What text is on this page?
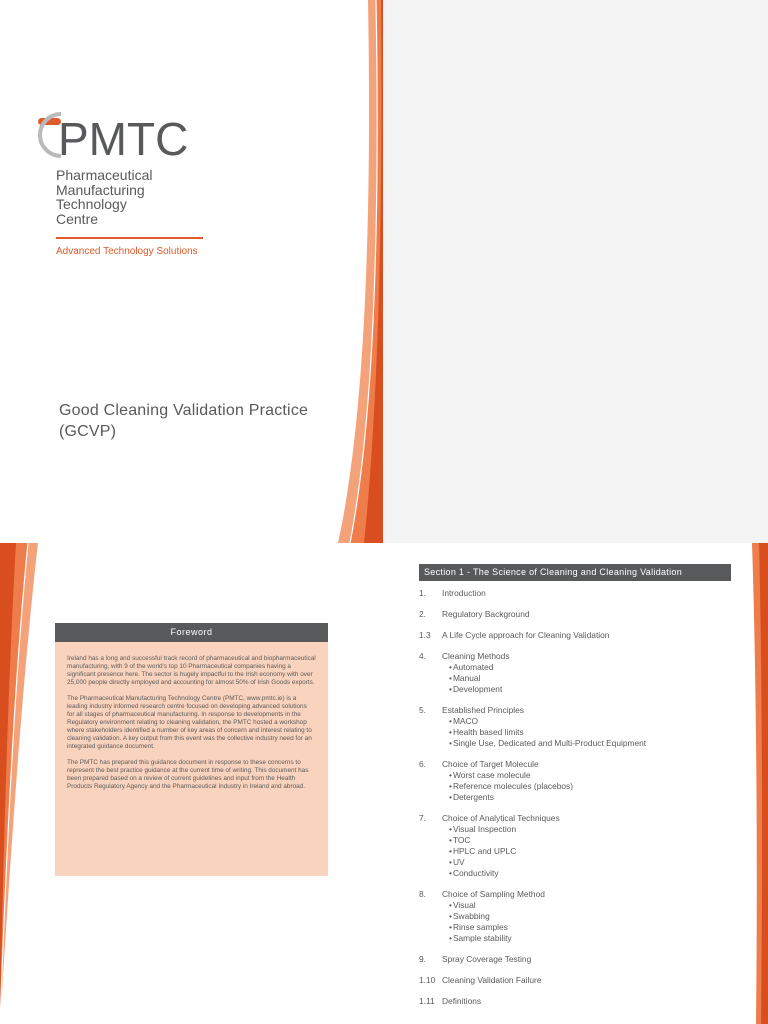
PMTC
Pharmaceutical
Manufacturing
Technology
Centre
Advanced Technology Solutions
Good Cleaning Validation Practice
(GCVP)
Foreword

Ireland has a long and successful track record of pharmaceutical and biopharmaceutical manufacturing, with 9 of the world's top 10 Pharmaceutical companies having a significant presence here. The sector is hugely impactful to the Irish economy with over 25,000 people directly employed and accounting for almost 50% of Irish Goods exports.

The Pharmaceutical Manufacturing Technology Centre (PMTC, www.pmtc.ie) is a leading industry informed research centre focused on developing advanced solutions for all stages of pharmaceutical manufacturing. In response to developments in the Regulatory environment relating to cleaning validation, the PMTC hosted a workshop where stakeholders identified a number of key areas of concern and interest relating to cleaning validation. A key output from this event was the collective industry need for an integrated guidance document.

The PMTC has prepared this guidance document in response to these concerns to represent the best practice guidance at the current time of writing. This document has been prepared based on a review of current guidelines and input from the Health Products Regulatory Agency and the Pharmaceutical Industry in Ireland and abroad.

Section 1 - The Science of Cleaning and Cleaning Validation
1.	Introduction
2.	Regulatory Background
1.3	A Life Cycle approach for Cleaning Validation
4.	Cleaning Methods
• Automated
• Manual
• Development
5.	Established Principles
• MACO
• Health based limits
• Single Use, Dedicated and Multi-Product Equipment
6.	Choice of Target Molecule
• Worst case molecule
• Reference molecules (placebos)
• Detergents
7.	Choice of Analytical Techniques
• Visual Inspection
• TOC
• HPLC and UPLC
• UV
• Conductivity
8.	Choice of Sampling Method
• Visual
• Swabbing
• Rinse samples
• Sample stability
9.	Spray Coverage Testing
1.10 Cleaning Validation Failure
1.11 Definitions
